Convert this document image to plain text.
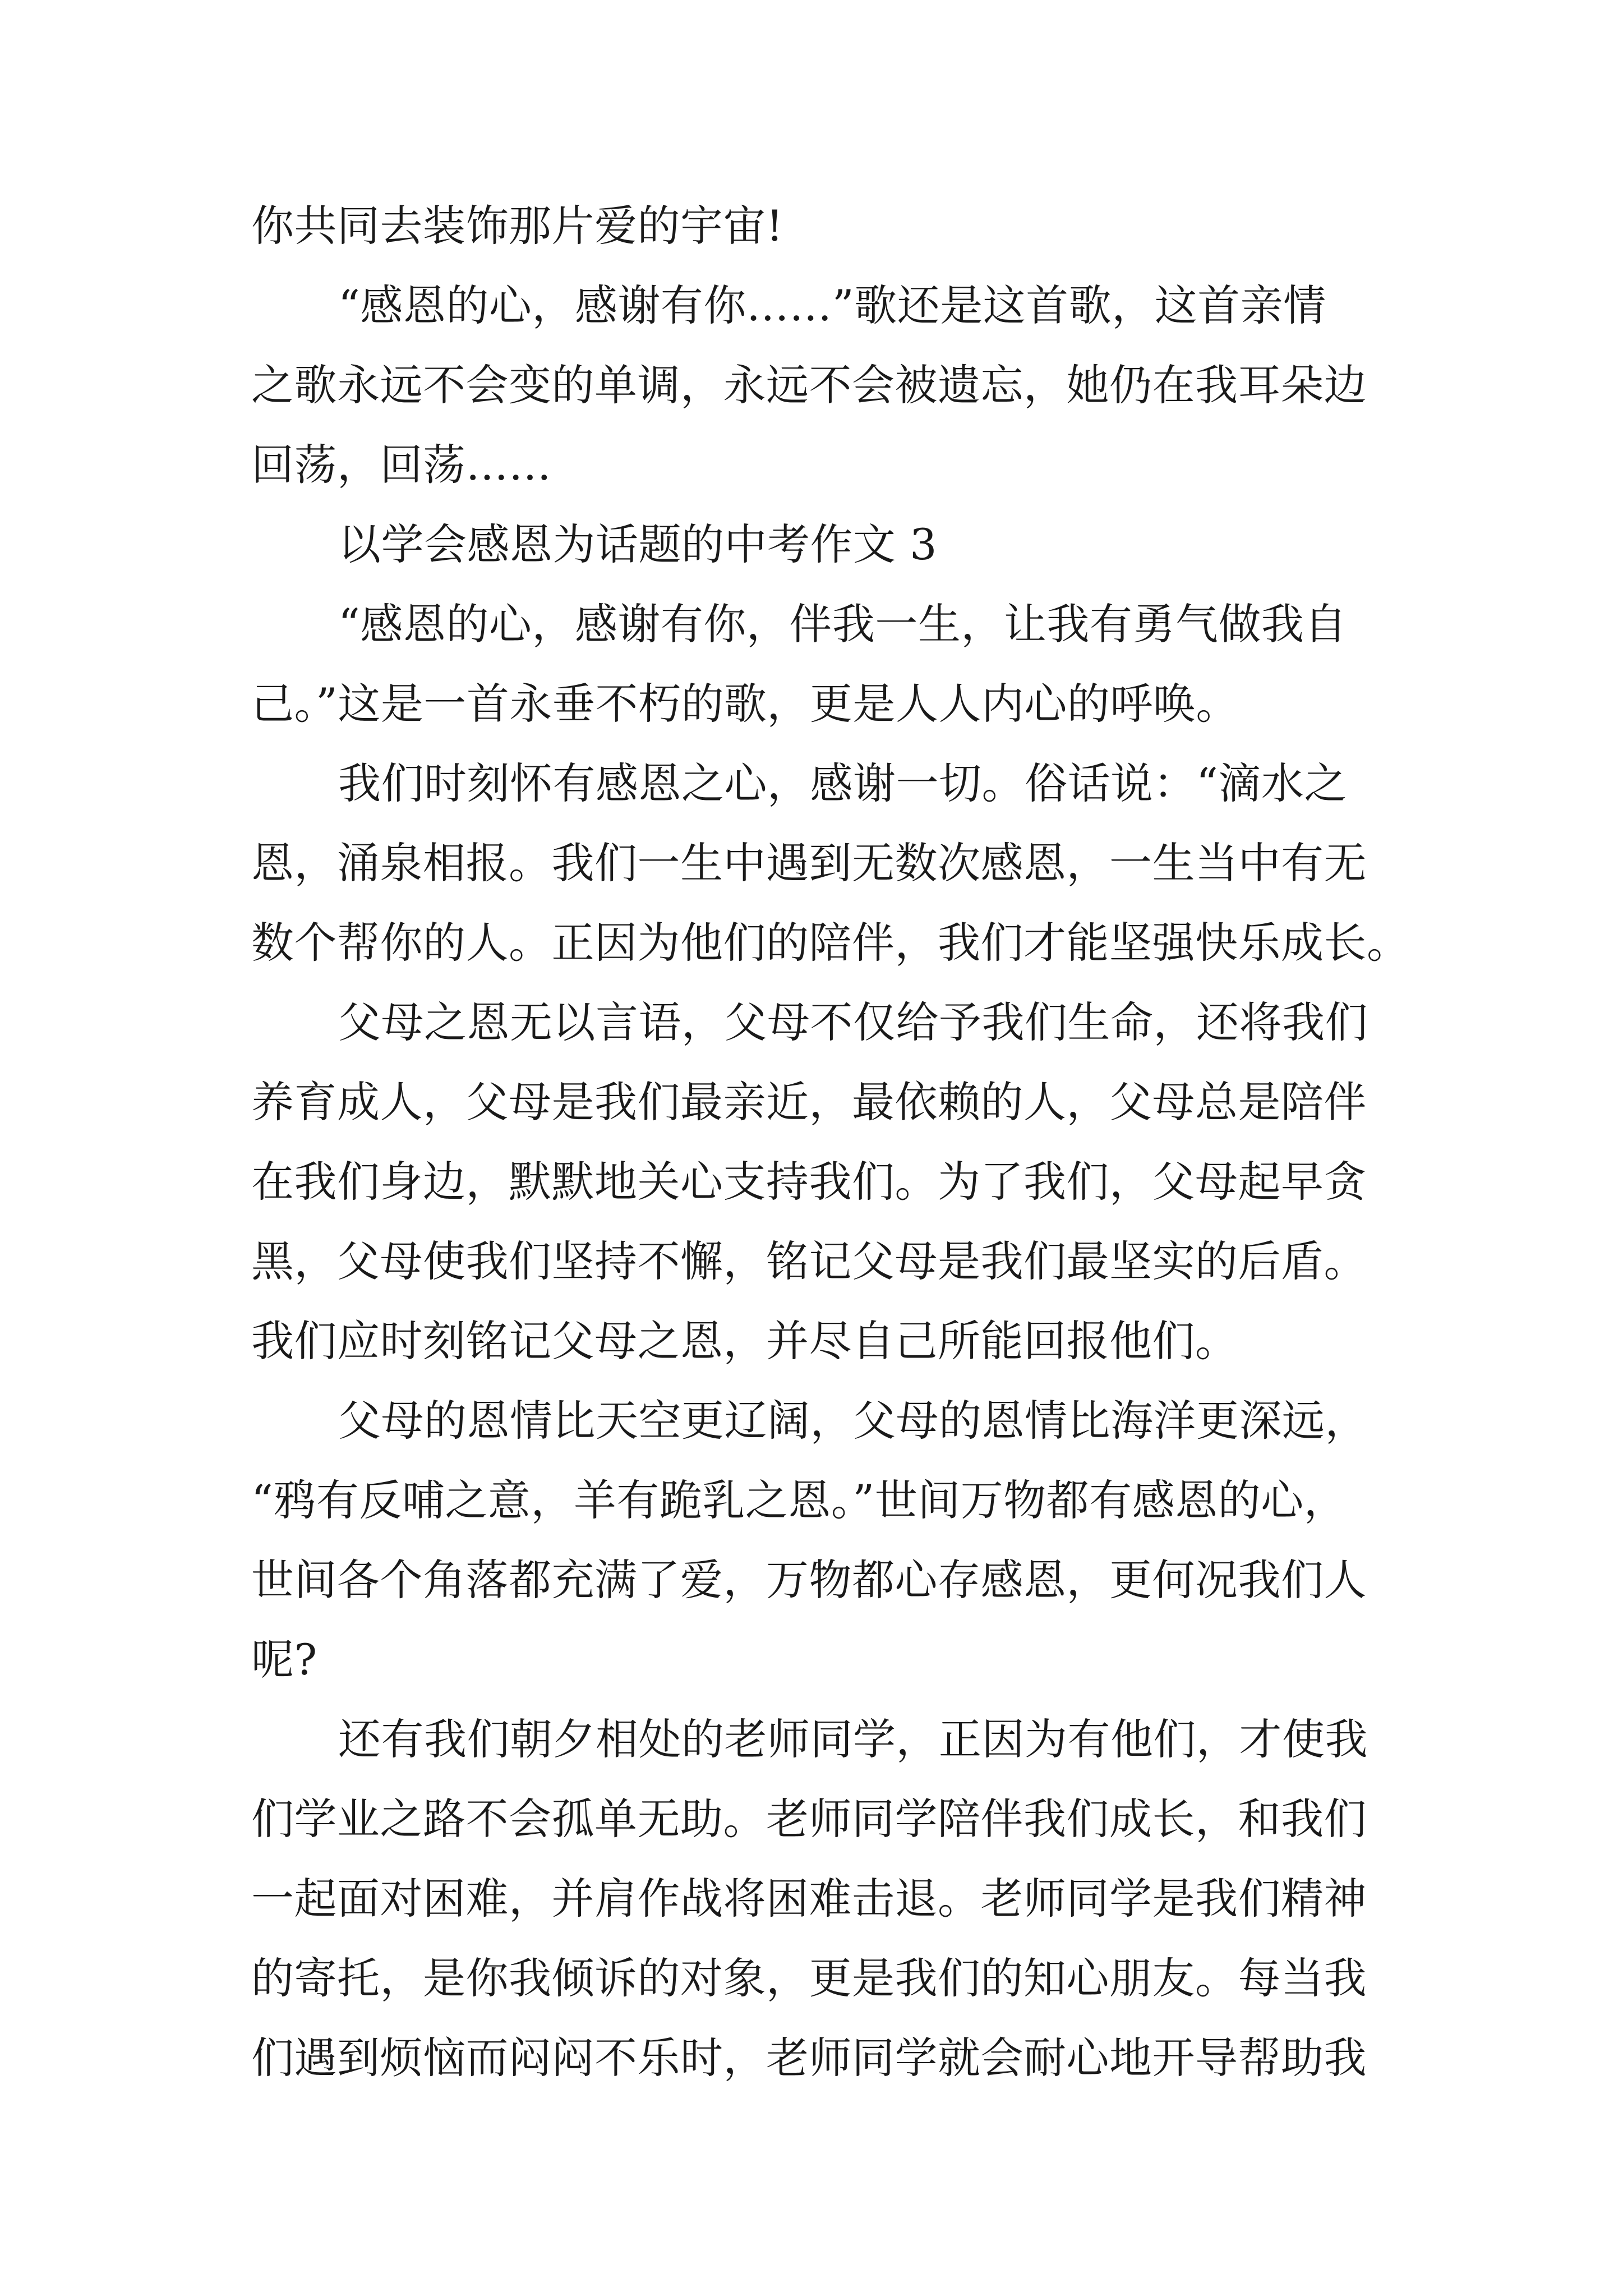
你共同去装饰那片爱的宇宙!
“感恩的心，感谢有你……”歌还是这首歌，这首亲情
之歌永远不会变的单调，永远不会被遗忘，她仍在我耳朵边
回荡，回荡……
以学会感恩为话题的中考作文 3
“感恩的心，感谢有你，伴我一生，让我有勇气做我自
己。”这是一首永垂不朽的歌，更是人人内心的呼唤。
我们时刻怀有感恩之心，感谢一切。俗话说：“滴水之
恩，涌泉相报。我们一生中遇到无数次感恩，一生当中有无
数个帮你的人。正因为他们的陪伴，我们才能坚强快乐成长。
父母之恩无以言语，父母不仅给予我们生命，还将我们
养育成人，父母是我们最亲近，最依赖的人，父母总是陪伴
在我们身边，默默地关心支持我们。为了我们，父母起早贪
黑，父母使我们坚持不懈，铭记父母是我们最坚实的后盾。
我们应时刻铭记父母之恩，并尽自己所能回报他们。
父母的恩情比天空更辽阔，父母的恩情比海洋更深远，
“鸦有反哺之意，羊有跪乳之恩。”世间万物都有感恩的心，
世间各个角落都充满了爱，万物都心存感恩，更何况我们人
呢?
还有我们朝夕相处的老师同学，正因为有他们，才使我
们学业之路不会孤单无助。老师同学陪伴我们成长，和我们
一起面对困难，并肩作战将困难击退。老师同学是我们精神
的寄托，是你我倾诉的对象，更是我们的知心朋友。每当我
们遇到烦恼而闷闷不乐时，老师同学就会耐心地开导帮助我
